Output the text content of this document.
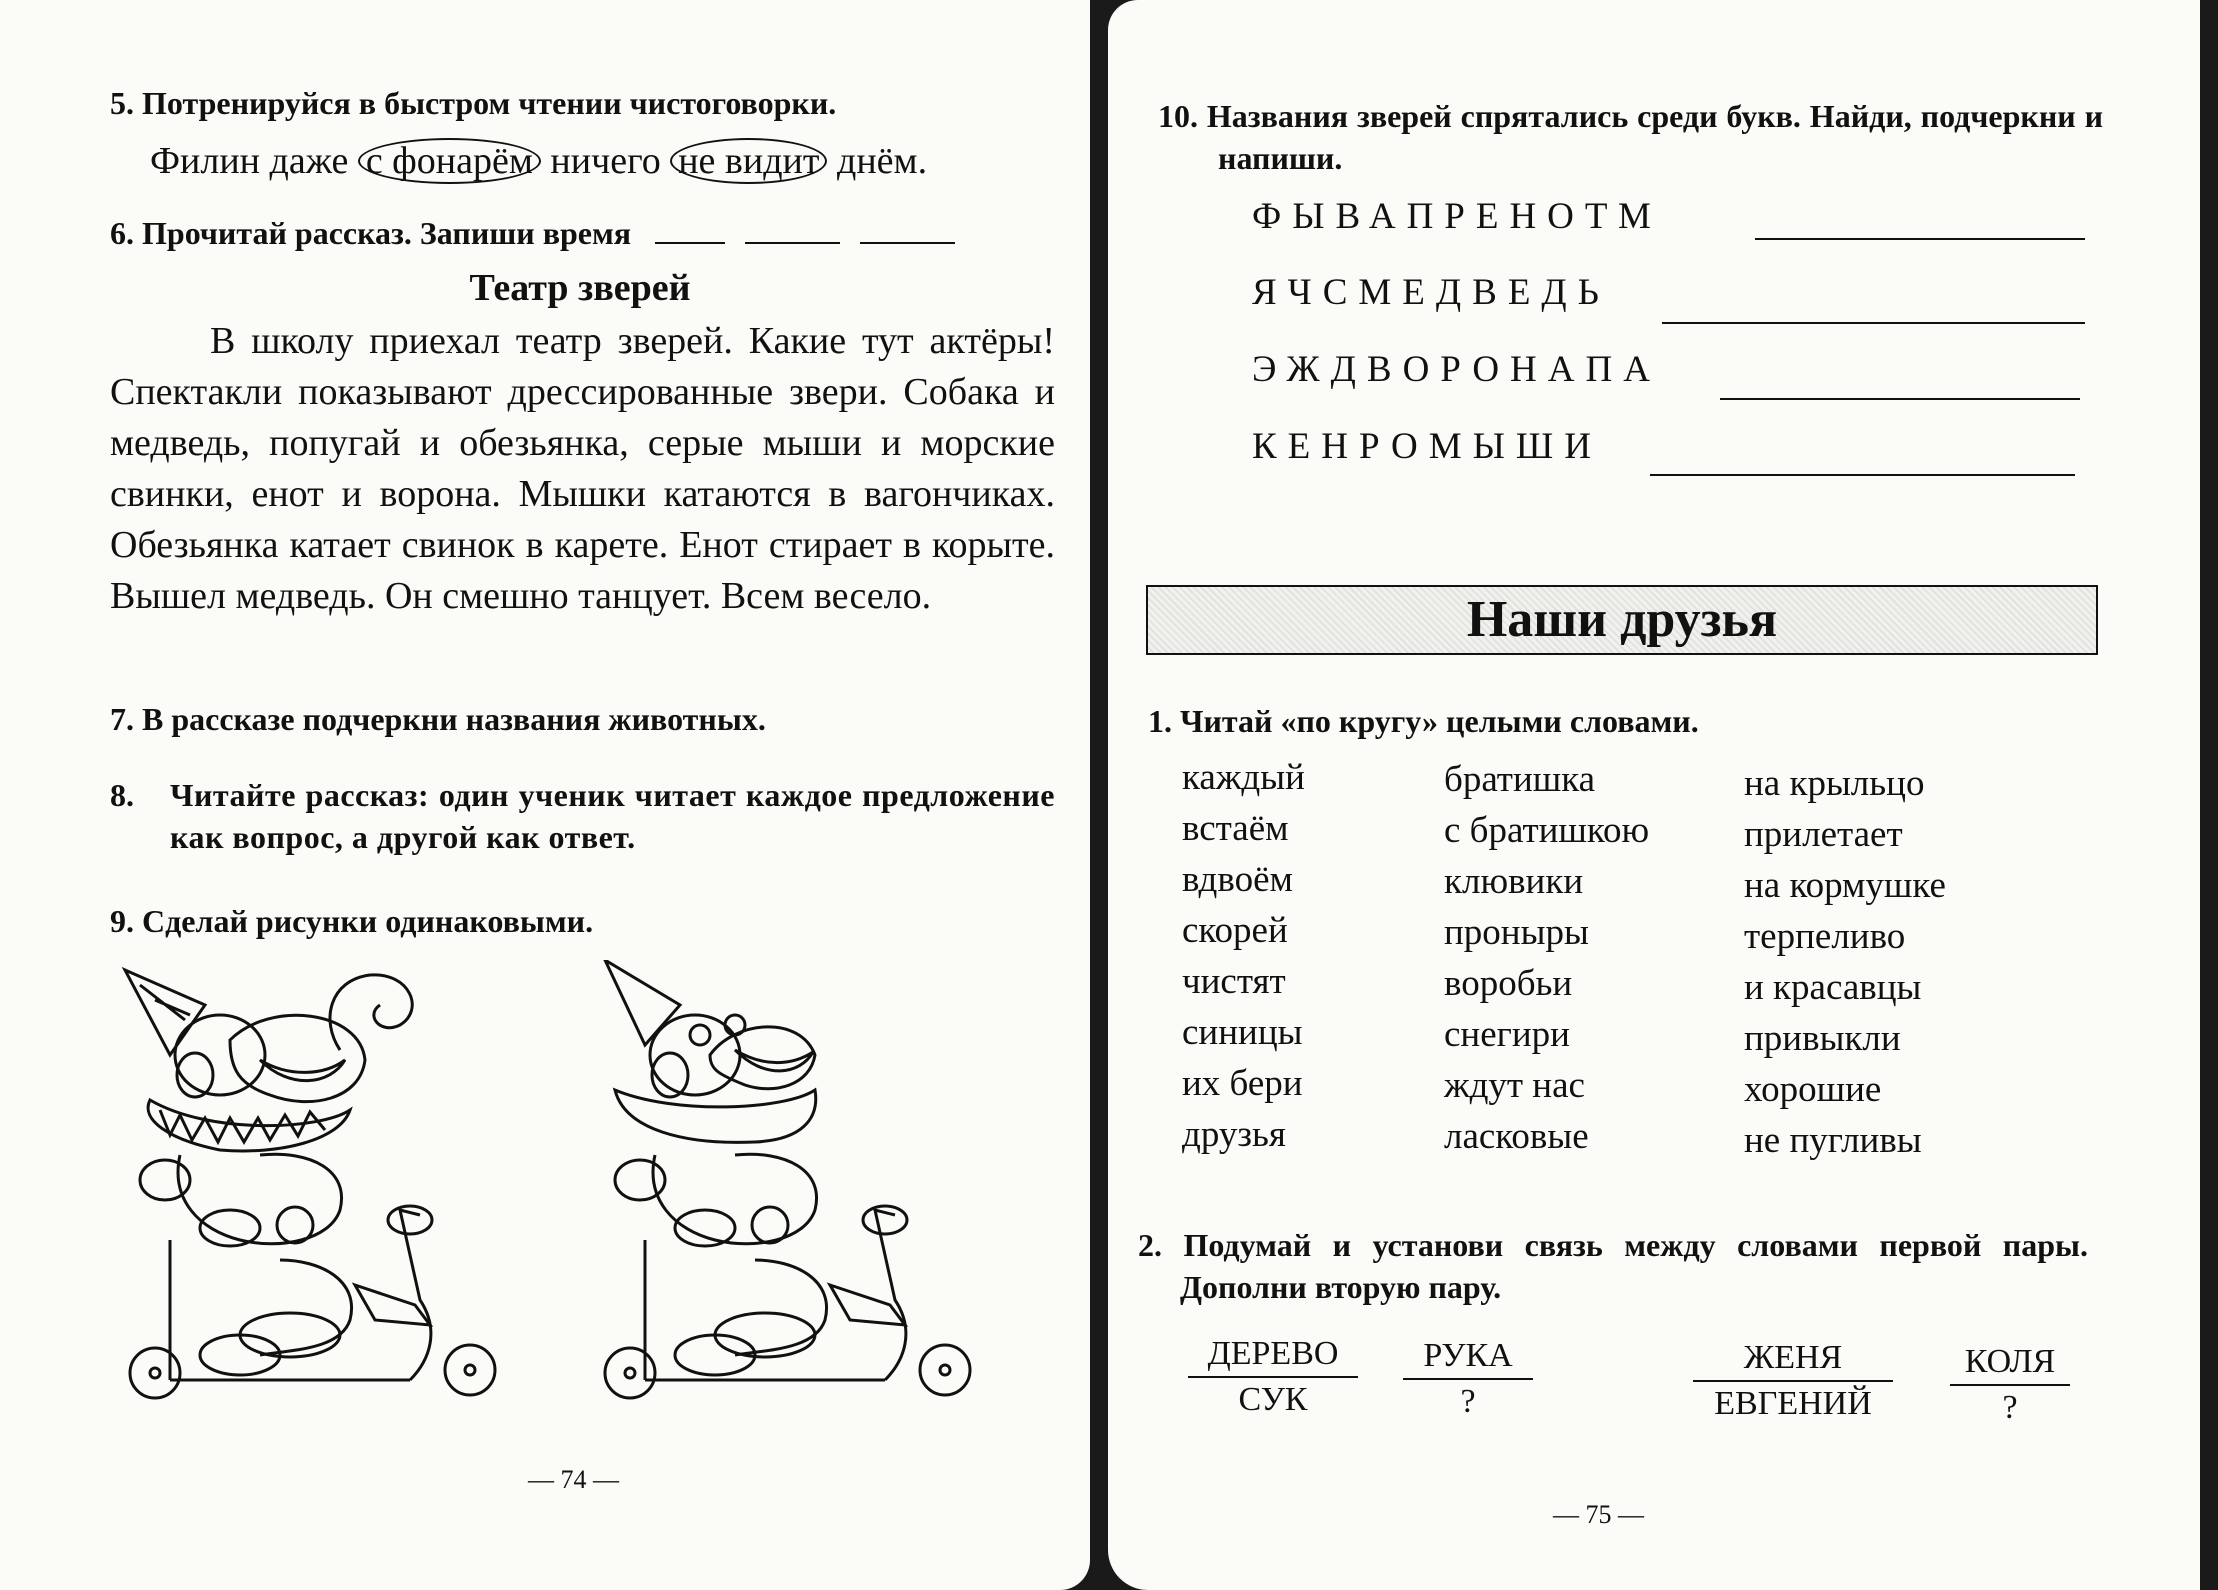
5. Потренируйся в быстром чтении чистоговорки.
Филин даже с фонарём ничего не видит днём.
6. Прочитай рассказ. Запиши время
Театр зверей
В школу приехал театр зверей. Какие тут актёры! Спектакли показывают дрессированные звери. Собака и медведь, попугай и обезьянка, серые мыши и морские свинки, енот и ворона. Мышки катаются в вагончиках. Обезьянка катает свинок в карете. Енот стирает в корыте. Вышел медведь. Он смешно танцует. Всем весело.
7. В рассказе подчеркни названия животных.
8. Читайте рассказ: один ученик читает каждое предложение как вопрос, а другой как ответ.
9. Сделай рисунки одинаковыми.
— 74 —
10. Названия зверей спрятались среди букв. Найди, подчеркни и напиши.
ФЫВАПРЕНОТМ
ЯЧСМЕДВЕДЬ
ЭЖДВОРОНАПА
КЕНРОМЫШИ
Наши друзья
1. Читай «по кругу» целыми словами.
каждый
встаём
вдвоём
скорей
чистят
синицы
их бери
друзья
братишка
с братишкою
клювики
проныры
воробьи
снегири
ждут нас
ласковые
на крыльцо
прилетает
на кормушке
терпеливо
и красавцы
привыкли
хорошие
не пугливы
2. Подумай и установи связь между словами первой пары. Дополни вторую пару.
ДЕРЕВО
СУК
РУКА
?
ЖЕНЯ
ЕВГЕНИЙ
КОЛЯ
?
— 75 —
